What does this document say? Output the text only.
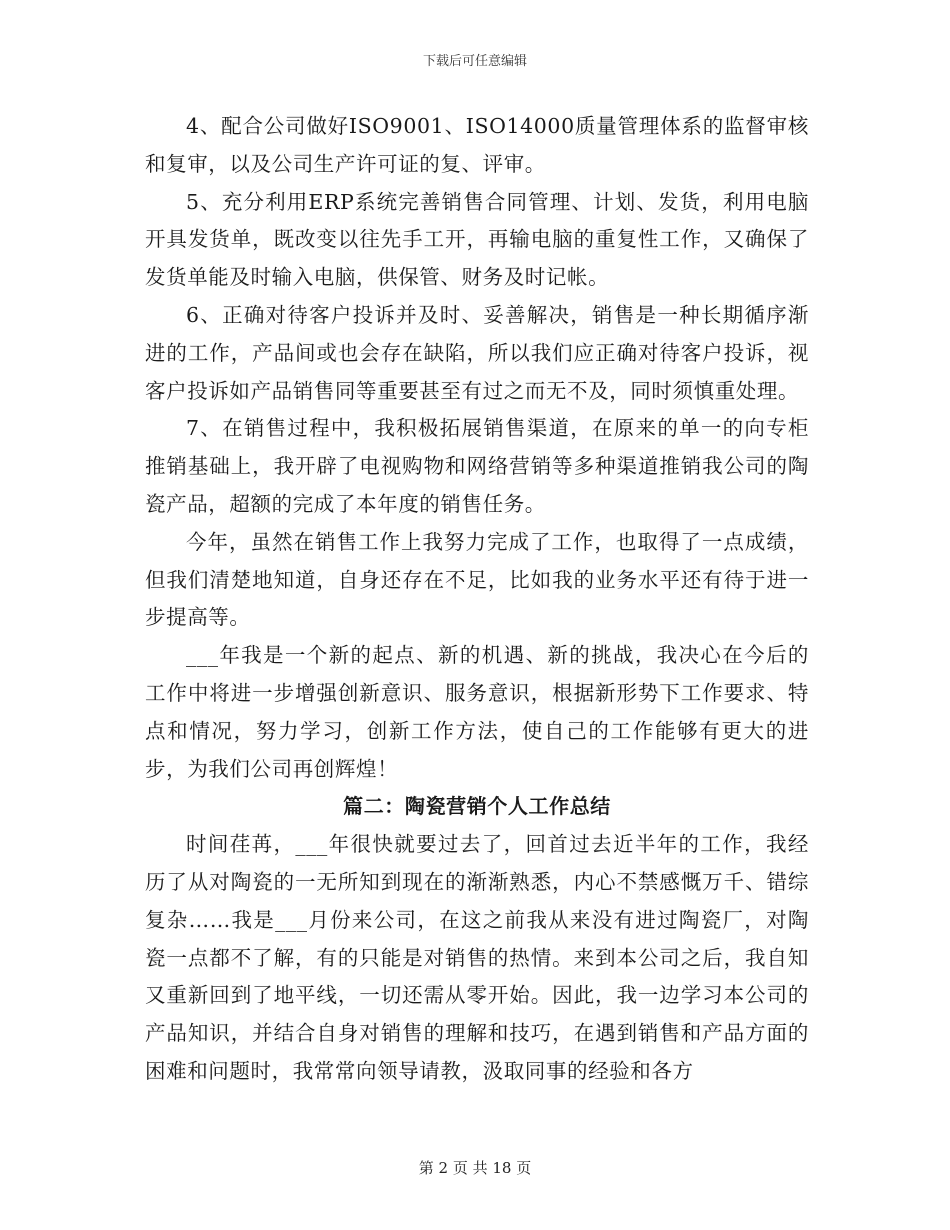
下载后可任意编辑

4、配合公司做好ISO9001、ISO14000质量管理体系的监督审核和复审，以及公司生产许可证的复、评审。

5、充分利用ERP系统完善销售合同管理、计划、发货，利用电脑开具发货单，既改变以往先手工开，再输电脑的重复性工作，又确保了发货单能及时输入电脑，供保管、财务及时记帐。

6、正确对待客户投诉并及时、妥善解决，销售是一种长期循序渐进的工作，产品间或也会存在缺陷，所以我们应正确对待客户投诉，视客户投诉如产品销售同等重要甚至有过之而无不及，同时须慎重处理。

7、在销售过程中，我积极拓展销售渠道，在原来的单一的向专柜推销基础上，我开辟了电视购物和网络营销等多种渠道推销我公司的陶瓷产品，超额的完成了本年度的销售任务。

今年，虽然在销售工作上我努力完成了工作，也取得了一点成绩，但我们清楚地知道，自身还存在不足，比如我的业务水平还有待于进一步提高等。

___年我是一个新的起点、新的机遇、新的挑战，我决心在今后的工作中将进一步增强创新意识、服务意识，根据新形势下工作要求、特点和情况，努力学习，创新工作方法，使自己的工作能够有更大的进步，为我们公司再创辉煌！

篇二：陶瓷营销个人工作总结

时间荏苒，___年很快就要过去了，回首过去近半年的工作，我经历了从对陶瓷的一无所知到现在的渐渐熟悉，内心不禁感慨万千、错综复杂……我是___月份来公司，在这之前我从来没有进过陶瓷厂，对陶瓷一点都不了解，有的只能是对销售的热情。来到本公司之后，我自知又重新回到了地平线，一切还需从零开始。因此，我一边学习本公司的产品知识，并结合自身对销售的理解和技巧，在遇到销售和产品方面的困难和问题时，我常常向领导请教，汲取同事的经验和各方

第 2 页 共 18 页
